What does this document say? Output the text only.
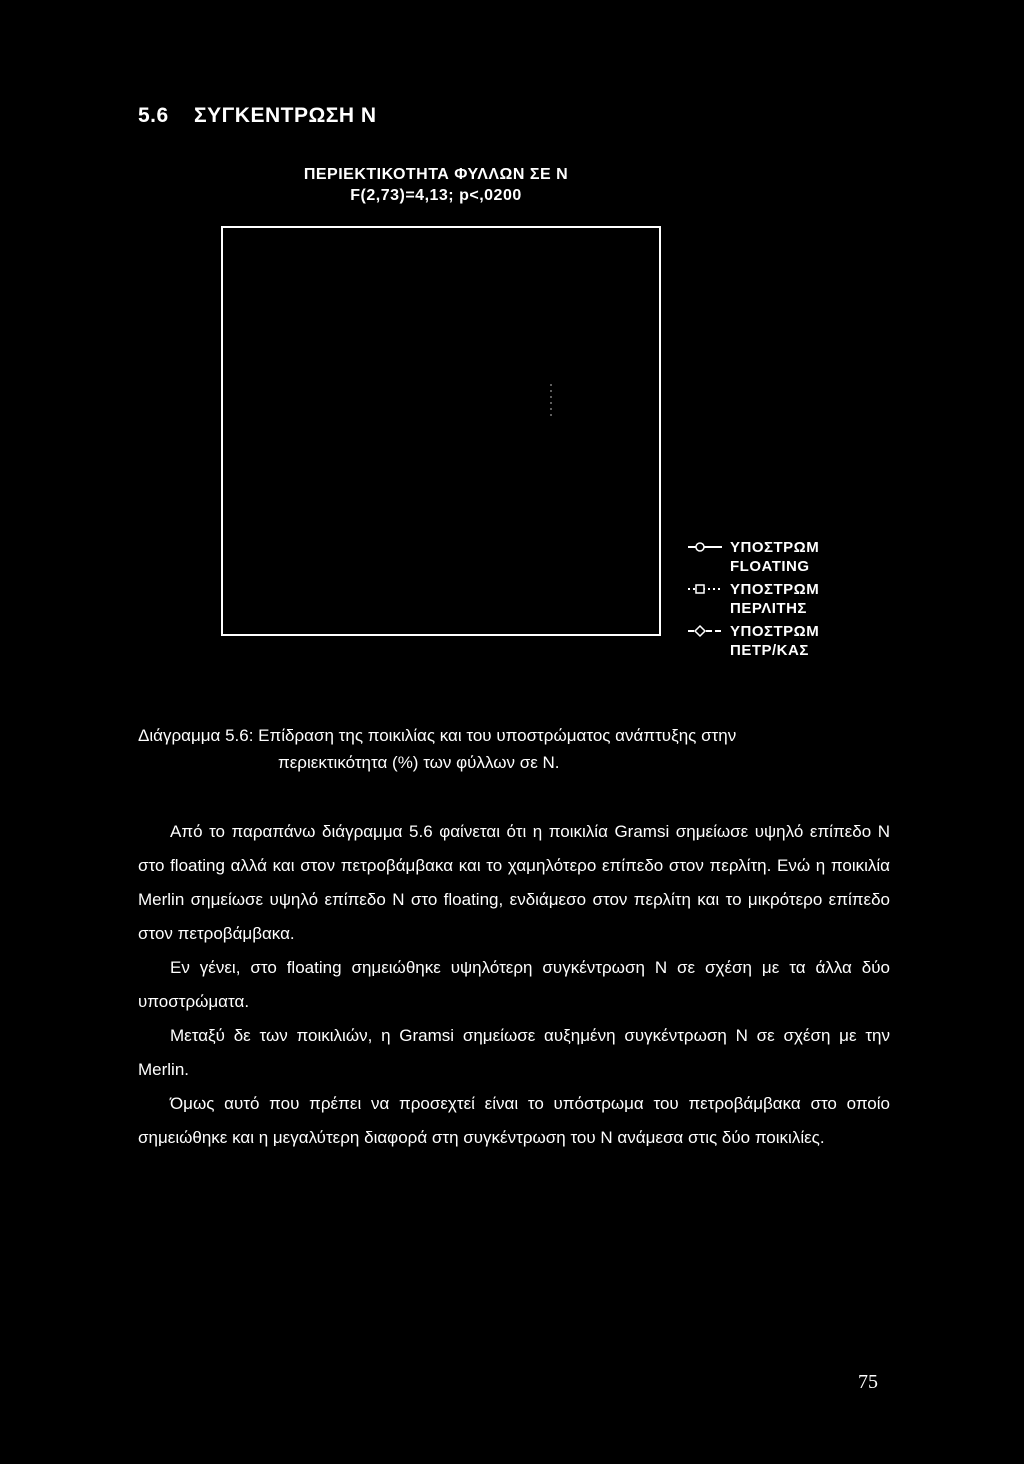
5.6 ΣΥΓΚΕΝΤΡΩΣΗ N
ΠΕΡΙΕΚΤΙΚΟΤΗΤΑ ΦΥΛΛΩΝ ΣΕ N
F(2,73)=4,13; p<,0200
ΥΠΟΣΤΡΩΜ
FLOATING
ΥΠΟΣΤΡΩΜ
ΠΕΡΛΙΤΗΣ
ΥΠΟΣΤΡΩΜ
ΠΕΤΡ/ΚΑΣ
Διάγραμμα 5.6: Επίδραση της ποικιλίας και του υποστρώματος ανάπτυξης στην
περιεκτικότητα (%) των φύλλων σε N.

Από το παραπάνω διάγραμμα 5.6 φαίνεται ότι η ποικιλία Gramsi σημείωσε υψηλό επίπεδο N στο floating αλλά και στον πετροβάμβακα και το χαμηλότερο επίπεδο στον περλίτη. Ενώ η ποικιλία Merlin σημείωσε υψηλό επίπεδο N στο floating, ενδιάμεσο στον περλίτη και το μικρότερο επίπεδο στον πετροβάμβακα.

Εν γένει, στο floating σημειώθηκε υψηλότερη συγκέντρωση N σε σχέση με τα άλλα δύο υποστρώματα.

Μεταξύ δε των ποικιλιών, η Gramsi σημείωσε αυξημένη συγκέντρωση N σε σχέση με την Merlin.

Όμως αυτό που πρέπει να προσεχτεί είναι το υπόστρωμα του πετροβάμβακα στο οποίο σημειώθηκε και η μεγαλύτερη διαφορά στη συγκέντρωση του N ανάμεσα στις δύο ποικιλίες.

75
